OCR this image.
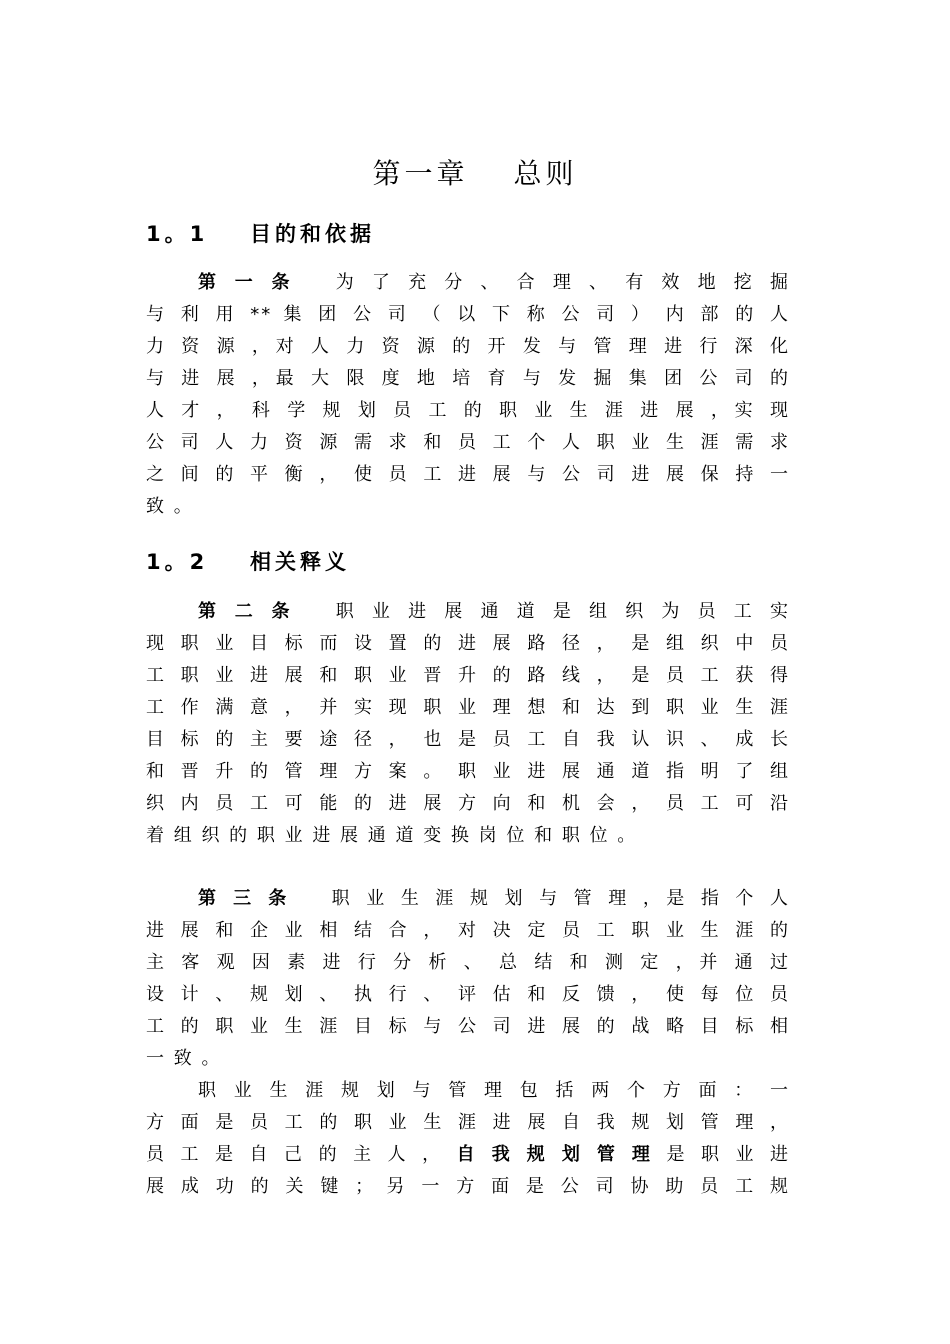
第一章　 总则
1。1 目的和依据
第 一 条 为 了 充 分 、 合 理 、 有 效 地 挖 掘
与 利 用 ** 集 团 公 司 （ 以 下 称 公 司 ） 内 部 的 人
力 资 源 ，对 人 力 资 源 的 开 发 与 管 理 进 行 深 化
与 进 展 ，最 大 限 度 地 培 育 与 发 掘 集 团 公 司 的
人 才 ， 科 学 规 划 员 工 的 职 业 生 涯 进 展 ，实 现
公 司 人 力 资 源 需 求 和 员 工 个 人 职 业 生 涯 需 求
之 间 的 平 衡 ， 使 员 工 进 展 与 公 司 进 展 保 持 一
致 。
1。2 相关释义
第 二 条 职 业 进 展 通 道 是 组 织 为 员 工 实
现 职 业 目 标 而 设 置 的 进 展 路 径 ， 是 组 织 中 员
工 职 业 进 展 和 职 业 晋 升 的 路 线 ， 是 员 工 获 得
工 作 满 意 ， 并 实 现 职 业 理 想 和 达 到 职 业 生 涯
目 标 的 主 要 途 径 ， 也 是 员 工 自 我 认 识 、 成 长
和 晋 升 的 管 理 方 案 。 职 业 进 展 通 道 指 明 了 组
织 内 员 工 可 能 的 进 展 方 向 和 机 会 ， 员 工 可 沿
着 组 织 的 职 业 进 展 通 道 变 换 岗 位 和 职 位 。
第 三 条 职 业 生 涯 规 划 与 管 理 ，是 指 个 人
进 展 和 企 业 相 结 合 ， 对 决 定 员 工 职 业 生 涯 的
主 客 观 因 素 进 行 分 析 、 总 结 和 测 定 ，并 通 过
设 计 、 规 划 、 执 行 、 评 估 和 反 馈 ， 使 每 位 员
工 的 职 业 生 涯 目 标 与 公 司 进 展 的 战 略 目 标 相
一 致 。
职 业 生 涯 规 划 与 管 理 包 括 两 个 方 面 ： 一
方 面 是 员 工 的 职 业 生 涯 进 展 自 我 规 划 管 理 ，
员 工 是 自 己 的 主 人 ， 自 我 规 划 管 理 是 职 业 进
展 成 功 的 关 键 ； 另 一 方 面 是 公 司 协 助 员 工 规
